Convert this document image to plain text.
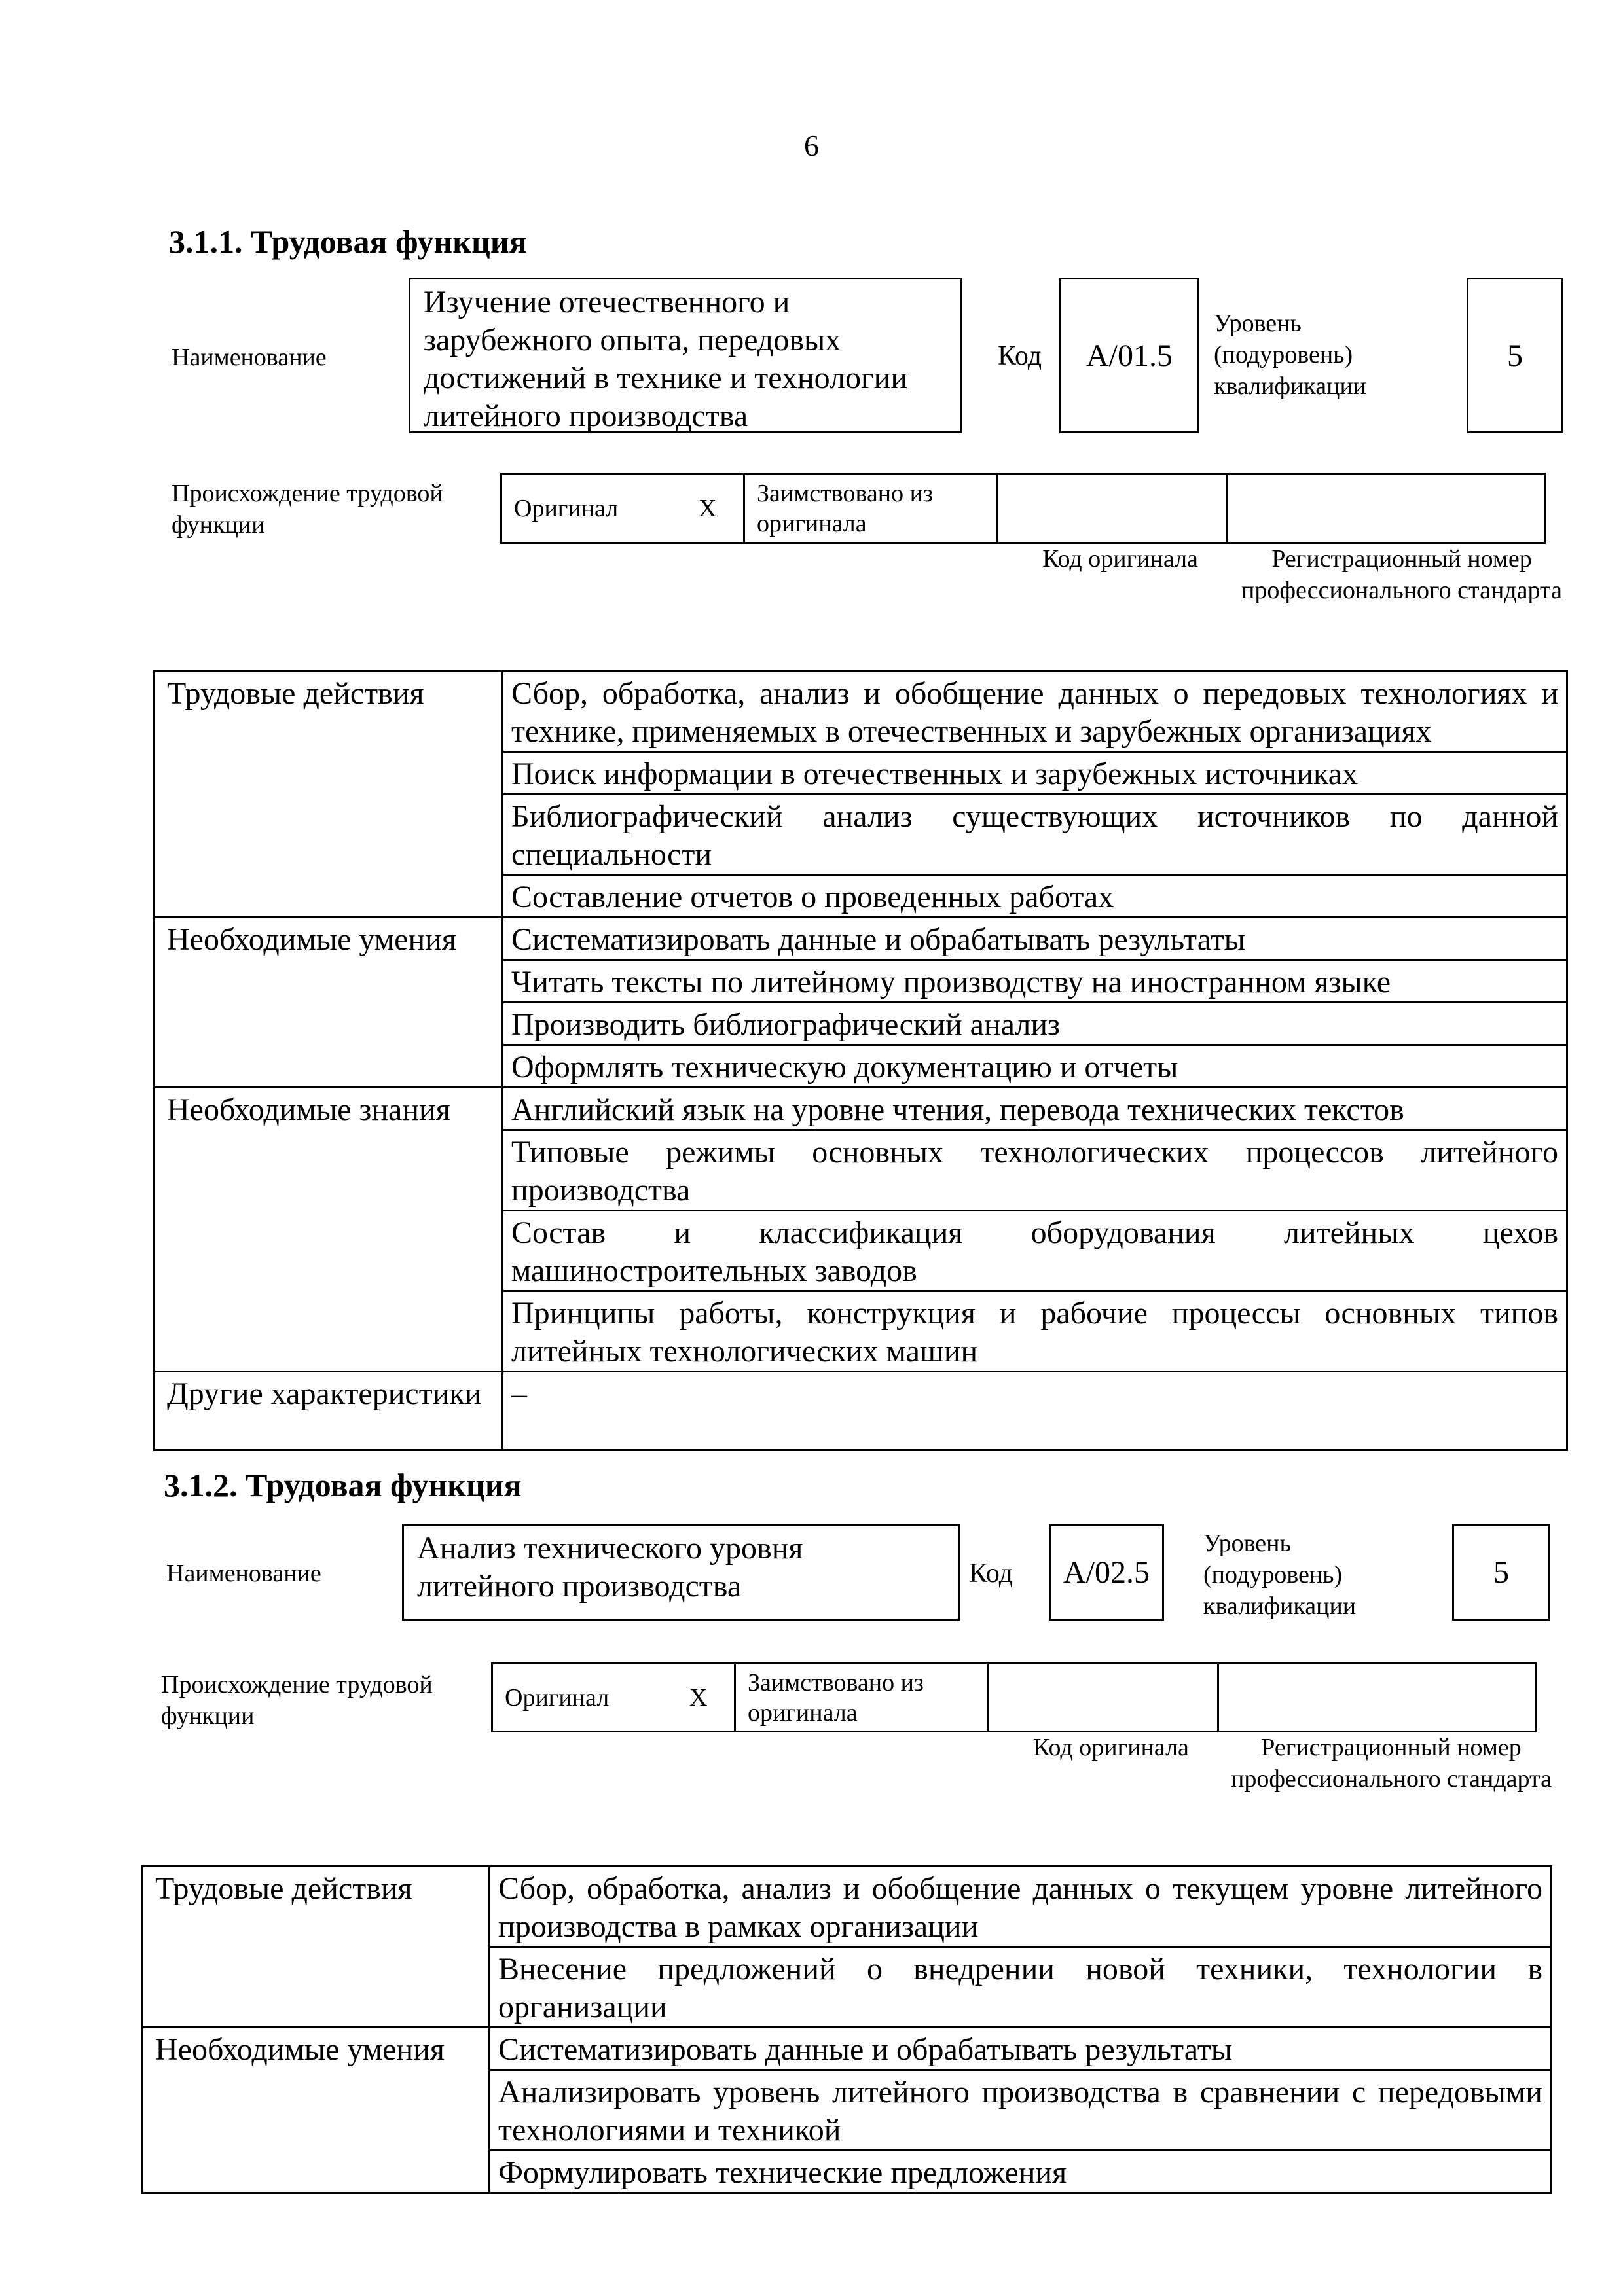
6
3.1.1. Трудовая функция
Наименование
Изучение отечественного и зарубежного опыта, передовых достижений в технике и технологии литейного производства
Код	А/01.5
Уровень (подуровень) квалификации
5
Происхождение трудовой функции
Оригинал	X	Заимствовано из оригинала		
Код оригинала	Регистрационный номер профессионального стандарта
Трудовые действия	Сбор, обработка, анализ и обобщение данных о передовых технологиях и технике, применяемых в отечественных и зарубежных организациях
	Поиск информации в отечественных и зарубежных источниках
	Библиографический анализ существующих источников по данной специальности
	Составление отчетов о проведенных работах
Необходимые умения	Систематизировать данные и обрабатывать результаты
	Читать тексты по литейному производству на иностранном языке
	Производить библиографический анализ
	Оформлять техническую документацию и отчеты
Необходимые знания	Английский язык на уровне чтения, перевода технических текстов
	Типовые режимы основных технологических процессов литейного производства
	Состав и классификация оборудования литейных цехов машиностроительных заводов
	Принципы работы, конструкция и рабочие процессы основных типов литейных технологических машин
Другие характеристики	–
3.1.2. Трудовая функция
Наименование
Анализ технического уровня литейного производства	Код	А/02.5
Уровень (подуровень) квалификации
5
Происхождение трудовой функции
Оригинал	X	Заимствовано из оригинала		
Код оригинала	Регистрационный номер профессионального стандарта
Трудовые действия	Сбор, обработка, анализ и обобщение данных о текущем уровне литейного производства в рамках организации
	Внесение предложений о внедрении новой техники, технологии в организации
Необходимые умения	Систематизировать данные и обрабатывать результаты
	Анализировать уровень литейного производства в сравнении с передовыми технологиями и техникой
	Формулировать технические предложения
